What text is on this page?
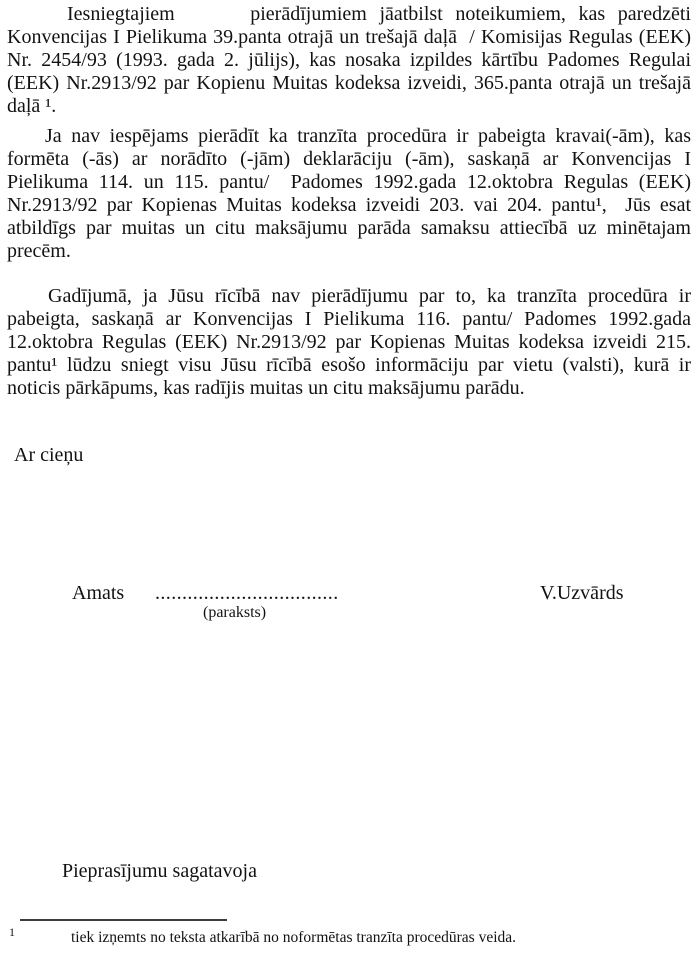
Iesniegtajiem      pierādījumiem jāatbilst noteikumiem, kas paredzēti
Konvencijas I Pielikuma 39.panta otrajā un trešajā daļā  / Komisijas Regulas (EEK)
Nr. 2454/93 (1993. gada 2. jūlijs), kas nosaka izpildes kārtību Padomes Regulai
(EEK) Nr.2913/92 par Kopienu Muitas kodeksa izveidi, 365.panta otrajā un trešajā
daļā ¹.
Ja nav iespējams pierādīt ka tranzīta procedūra ir pabeigta kravai(-ām), kas
formēta (-ās) ar norādīto (-jām) deklarāciju (-ām), saskaņā ar Konvencijas I
Pielikuma 114. un 115. pantu/  Padomes 1992.gada 12.oktobra Regulas (EEK)
Nr.2913/92 par Kopienas Muitas kodeksa izveidi 203. vai 204. pantu¹,  Jūs esat
atbildīgs par muitas un citu maksājumu parāda samaksu attiecībā uz minētajam
precēm.
Gadījumā, ja Jūsu rīcībā nav pierādījumu par to, ka tranzīta procedūra ir
pabeigta, saskaņā ar Konvencijas I Pielikuma 116. pantu/ Padomes 1992.gada
12.oktobra Regulas (EEK) Nr.2913/92 par Kopienas Muitas kodeksa izveidi 215.
pantu¹ lūdzu sniegt visu Jūsu rīcībā esošo informāciju par vietu (valsti), kurā ir
noticis pārkāpums, kas radījis muitas un citu maksājumu parādu.
Ar cieņu
Amats ..................................
(paraksts)
V.Uzvārds
Pieprasījumu sagatavoja
1	tiek izņemts no teksta atkarībā no noformētas tranzīta procedūras veida.
